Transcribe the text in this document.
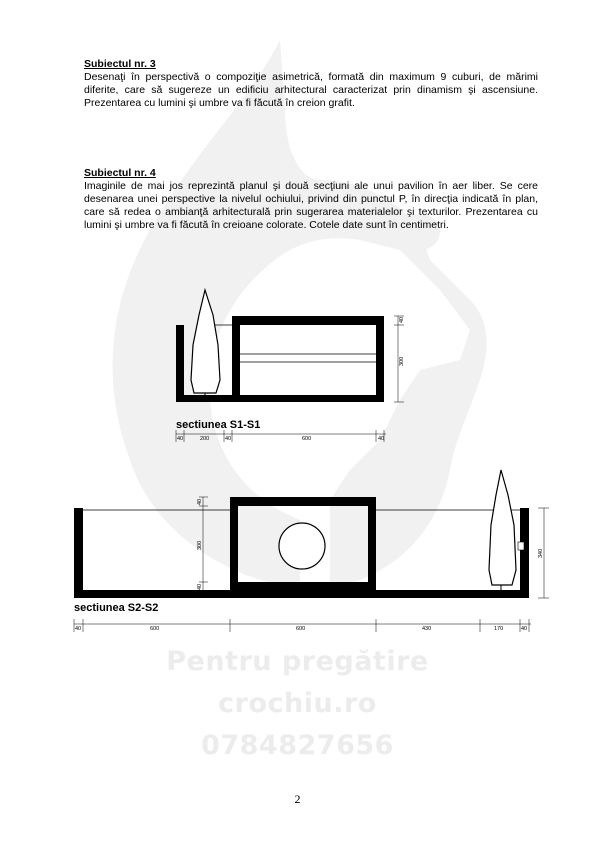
Pentru pregătire
crochiu.ro
0784827656
Subiectul nr. 3
Desenaţi în perspectivă o compoziţie asimetrică, formată din maximum 9 cuburi, de mărimi diferite, care să sugereze un edificiu arhitectural caracterizat prin dinamism şi ascensiune. Prezentarea cu lumini şi umbre va fi făcută în creion grafit.
Subiectul nr. 4
Imaginile de mai jos reprezintă planul şi două secţiuni ale unui pavilion în aer liber. Se cere desenarea unei perspective la nivelul ochiului, privind din punctul P, în direcţia indicată în plan, care să redea o ambianţă arhitecturală prin sugerarea materialelor şi texturilor. Prezentarea cu lumini şi umbre va fi făcută în creioane colorate. Cotele date sunt în centimetri.
40
300
sectiunea S1-S1
40	200	40	600	40
40
300
40
340
sectiunea S2-S2
40	600	600	430	170	40
2
